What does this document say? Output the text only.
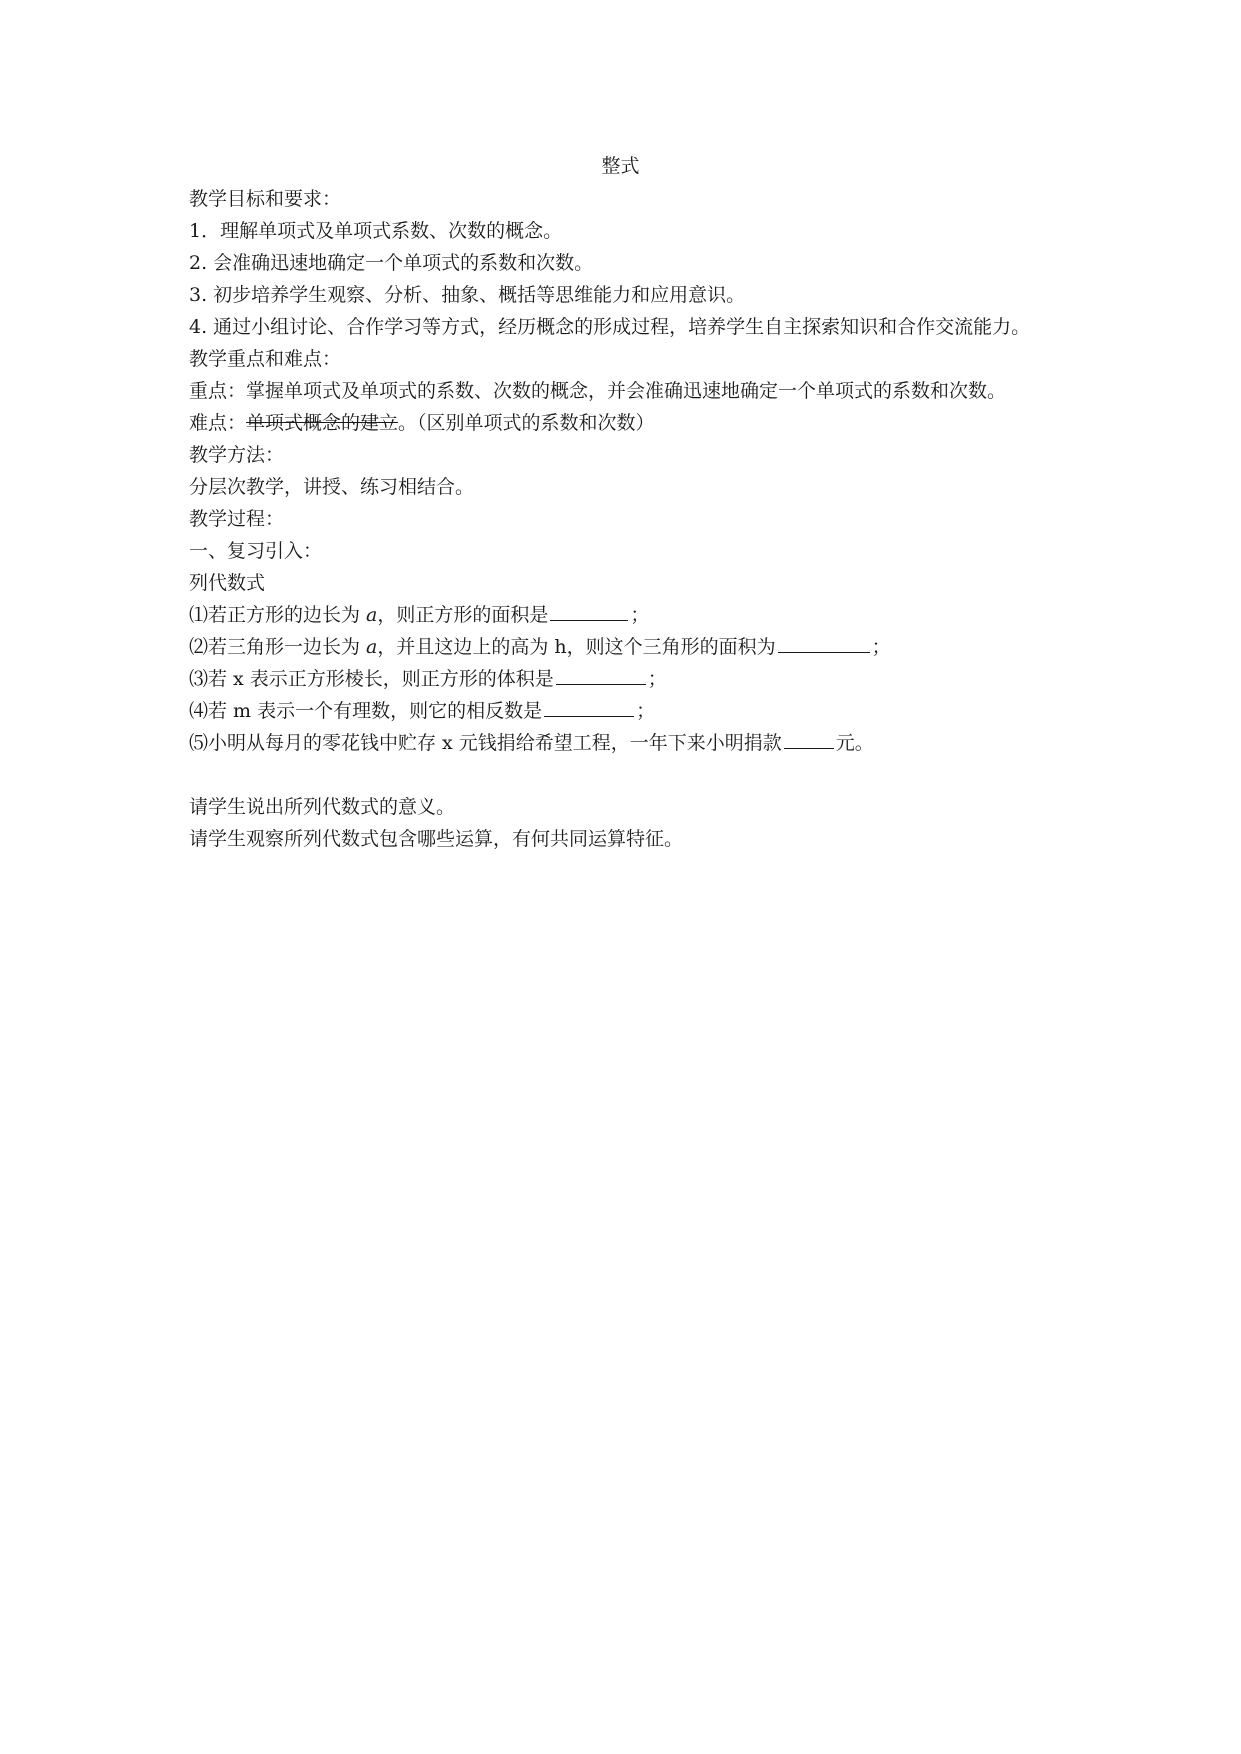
整式
教学目标和要求：
1．理解单项式及单项式系数、次数的概念。
2. 会准确迅速地确定一个单项式的系数和次数。
3. 初步培养学生观察、分析、抽象、概括等思维能力和应用意识。
4. 通过小组讨论、合作学习等方式，经历概念的形成过程，培养学生自主探索知识和合作交流能力。
教学重点和难点：
重点：掌握单项式及单项式的系数、次数的概念，并会准确迅速地确定一个单项式的系数和次数。
难点：单项式概念的建立。（区别单项式的系数和次数）
教学方法：
分层次教学，讲授、练习相结合。
教学过程：
一、复习引入：
列代数式
⑴若正方形的边长为 a，则正方形的面积是	；
⑵若三角形一边长为 a，并且这边上的高为 h，则这个三角形的面积为	；
⑶若 x 表示正方形棱长，则正方形的体积是	；
⑷若 m 表示一个有理数，则它的相反数是	；
⑸小明从每月的零花钱中贮存 x 元钱捐给希望工程，一年下来小明捐款	元。
请学生说出所列代数式的意义。
请学生观察所列代数式包含哪些运算，有何共同运算特征。
